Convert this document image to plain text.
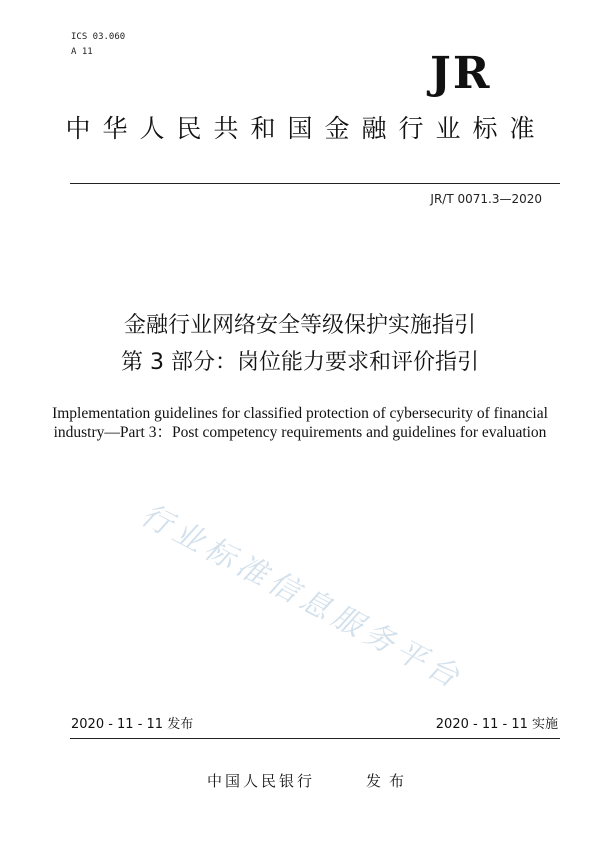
ICS 03.060
A 11	JR
中华人民共和国金融行业标准
JR/T 0071.3—2020
金融行业网络安全等级保护实施指引
第 3 部分：岗位能力要求和评价指引
Implementation guidelines for classified protection of cybersecurity of financial
industry—Part 3：Post competency requirements and guidelines for evaluation
行业标准信息服务平台
2020 - 11 - 11 发布	2020 - 11 - 11 实施
中国人民银行	发布
